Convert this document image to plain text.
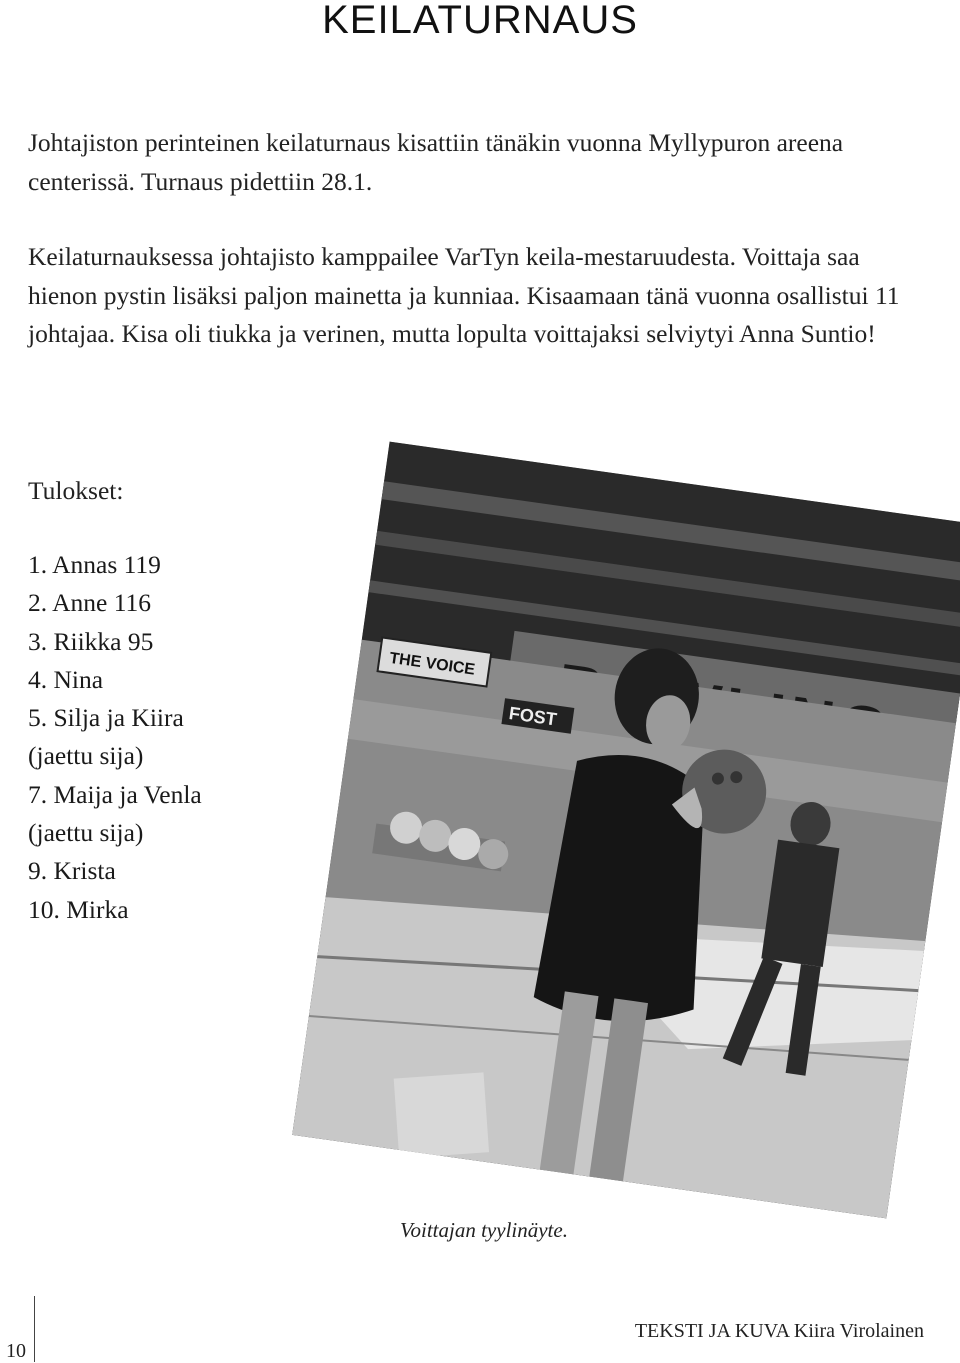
KEILATURNAUS

Johtajiston perinteinen keilaturnaus kisattiin tänäkin vuonna Myllypuron areena centerissä. Turnaus pidettiin 28.1.

Keilaturnauksessa johtajisto kamppailee VarTyn keila-mestaruudesta. Voittaja saa hienon pystin lisäksi paljon mainetta ja kunniaa. Kisaamaan tänä vuonna osallistui 11 johtajaa. Kisa oli tiukka ja verinen, mutta lopulta voittajaksi selviytyi Anna Suntio!

Tulokset:

1. Annas 119
2. Anne 116
3. Riikka 95
4. Nina
5. Silja ja Kiira
(jaettu sija)
7. Maija ja Venla
(jaettu sija)
9. Krista
10. Mirka
THE VOICE
FOST

Voittajan tyylinäyte.

10

TEKSTI JA KUVA Kiira Virolainen
